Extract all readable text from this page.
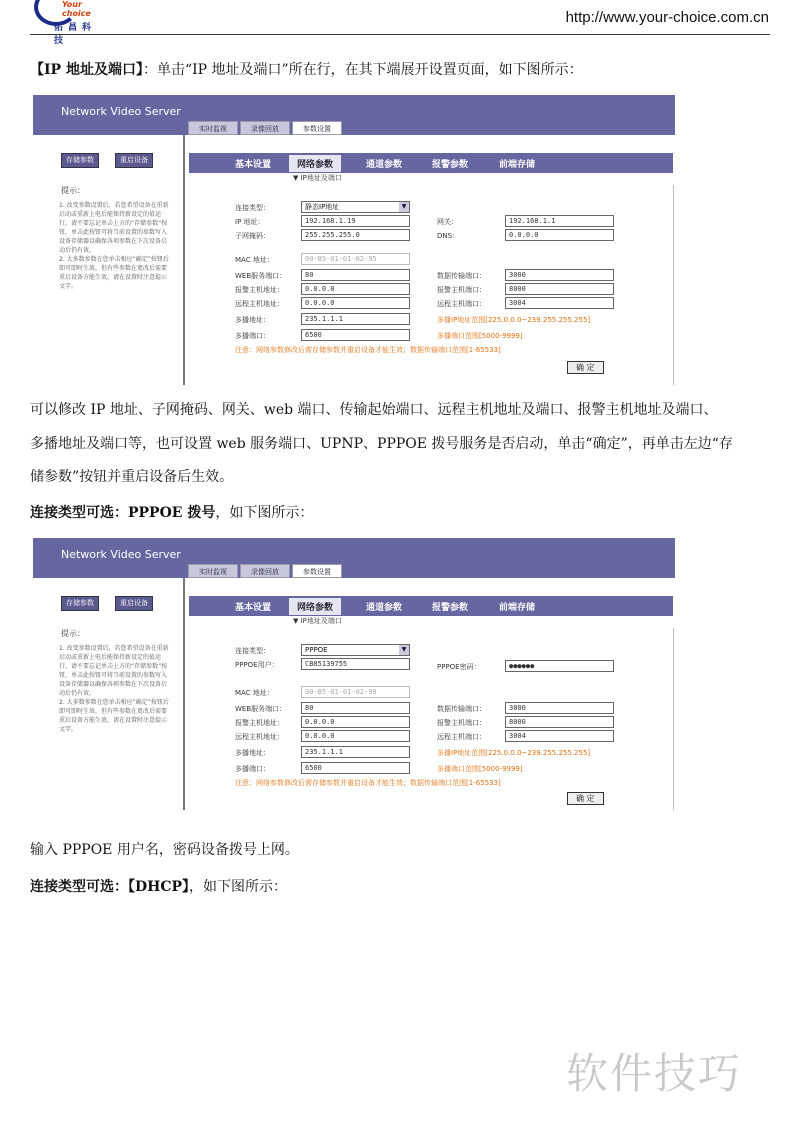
Your choice
佑昌科技
http://www.your-choice.com.cn
【IP 地址及端口】：单击“IP 地址及端口”所在行，在其下端展开设置页面，如下图所示：
Network Video Server
实时监视	录像回放	参数设置
存储参数	重启设备
提示：
1. 改变参数设置后，若您希望设备在重新启动或重新上电后能保持新设定的值运行，请不要忘记单击上方的“存储参数”按钮，单击此按钮可将当前设置的参数写入设备存储器以确保各项参数在下次设备启动后仍有效。
2. 大多数参数在您单击相应“确定”按钮后即可即时生效，但有些参数在更改后需要重启设备方能生效，请在设置时注意提示文字。
基本设置	网络参数	通道参数	报警参数	前端存储
▼ IP地址及端口
连接类型：	静态IP地址	▼
IP 地址：	192.168.1.19	网关：	192.168.1.1
子网掩码：	255.255.255.0	DNS：	0.0.0.0
MAC 地址：	00-B5-01-01-02-95
WEB服务端口：	80	数据传输端口：	3000
报警主机地址：	0.0.0.0	报警主机端口：	8000
远程主机地址：	0.0.0.0	远程主机端口：	3004
多播地址：	235.1.1.1	多播IP地址范围[225.0.0.0~239.255.255.255]
多播端口：	6500	多播端口范围[5000-9999]
注意：网络参数修改后需存储参数并重启设备才能生效；数据传输端口范围[1-65533]
确 定
可以修改 IP 地址、子网掩码、网关、web 端口、传输起始端口、远程主机地址及端口、报警主机地址及端口、
多播地址及端口等，也可设置 web 服务端口、UPNP、PPPOE 拨号服务是否启动，单击“确定”，再单击左边“存
储参数”按钮并重启设备后生效。
连接类型可选：PPPOE 拨号，如下图所示：
Network Video Server
实时监视	录像回放	参数设置
存储参数	重启设备
提示：
1. 改变参数设置后，若您希望设备在重新启动或重新上电后能保持新设定的值运行，请不要忘记单击上方的“存储参数”按钮，单击此按钮可将当前设置的参数写入设备存储器以确保各项参数在下次设备启动后仍有效。
2. 大多数参数在您单击相应“确定”按钮后即可即时生效，但有些参数在更改后需要重启设备方能生效，请在设置时注意提示文字。
基本设置	网络参数	通道参数	报警参数	前端存储
▼ IP地址及端口
连接类型：	PPPOE	▼
PPPOE用户：	CB85139755	PPPOE密码：	●●●●●●
MAC 地址：	00-B5-01-01-02-98
WEB服务端口：	80	数据传输端口：	3000
报警主机地址：	0.0.0.0	报警主机端口：	8000
远程主机地址：	0.0.0.0	远程主机端口：	3004
多播地址：	235.1.1.1	多播IP地址范围[225.0.0.0~239.255.255.255]
多播端口：	6500	多播端口范围[5000-9999]
注意：网络参数修改后需存储参数并重启设备才能生效；数据传输端口范围[1-65533]
确 定
输入 PPPOE 用户名，密码设备拨号上网。
连接类型可选：【DHCP】，如下图所示：
软件技巧
